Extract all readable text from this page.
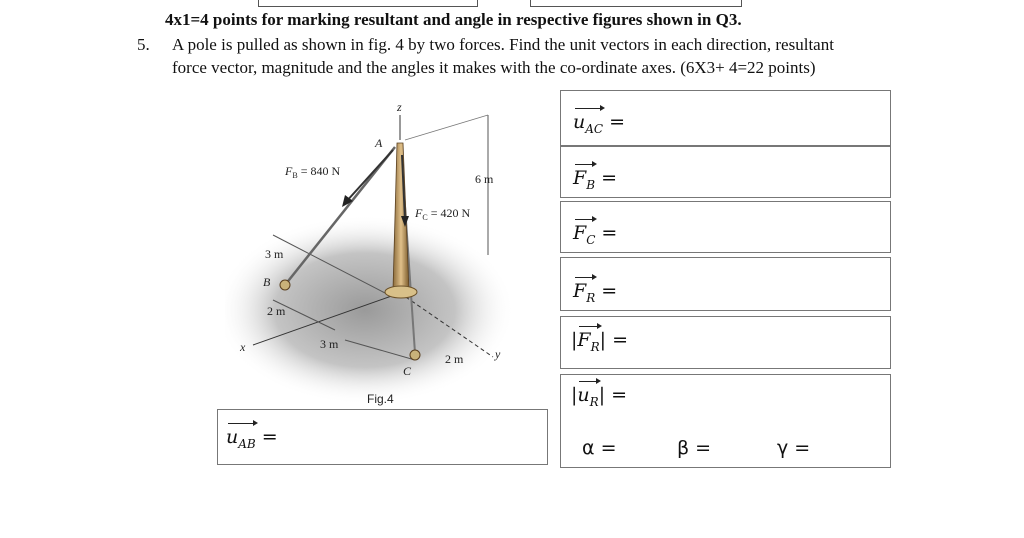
4x1=4 points for marking resultant and angle in respective figures shown in Q3.
5. A pole is pulled as shown in fig. 4 by two forces. Find the unit vectors in each direction, resultant
force vector, magnitude and the angles it makes with the co-ordinate axes. (6X3+ 4=22 points)
z
A
$F_B = 840$ N
6 m
$F_C = 420$ N
3 m
B
2 m
x	3 m
2 m	y
C
Fig.4
$u_{AC}$ =
$F_B$ =
$F_C$ =
$F_R$ =
$|F_R|$ =
$|u_R|$ =
α =	β =	γ =
$u_{AB}$ =
